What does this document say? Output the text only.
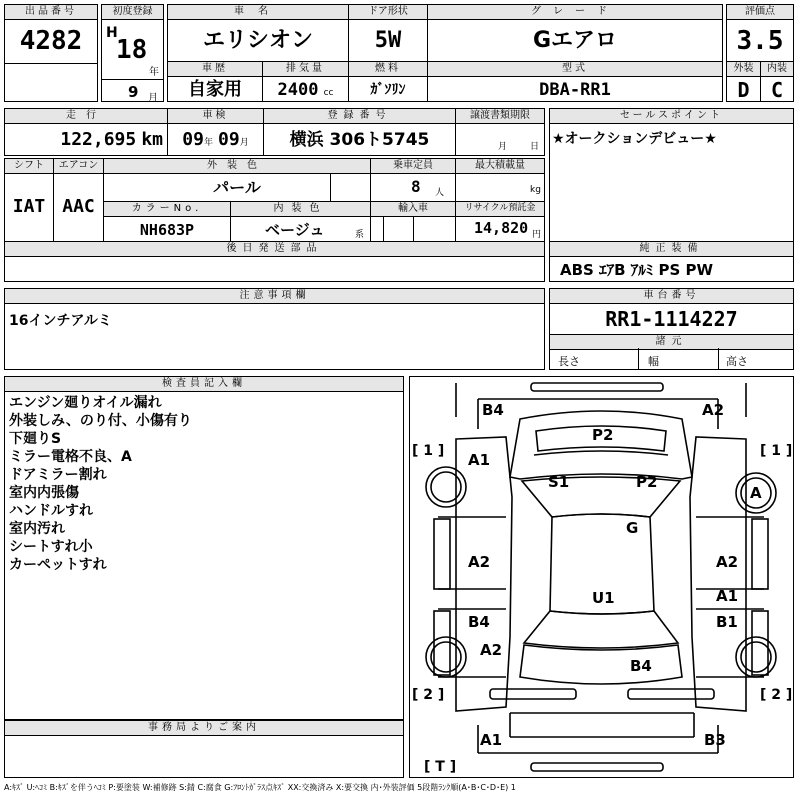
出品番号
4282
初度登録
H
18
年
9 月
車名
エリシオン
ドア形状
5W
グレード
Gエアロ
評価点
3.5
車歴
自家用
排気量
2400 cc
燃料
ｶﾞｿﾘﾝ
型式
DBA-RR1
外装
D
内装
C
走行
122,695 km
車検
09年 09月
登録番号
横浜 306ト5745
譲渡書類期限
月	日
セールスポイント
★オークションデビュー★
シフト
IAT
エアコン
AAC
外装色
パール
乗車定員
8 人
最大積載量
kg
カラーNo.
NH683P
内装色
ベージュ	系
輸入車	リサイクル預託金
14,820 円
後日発送部品	純正装備
ABS ｴｱB ｱﾙﾐ PS PW
注意事項欄
16インチアルミ
車台番号
RR1-1114227
諸元
長さ	幅	高さ
検査員記入欄
エンジン廻りオイル漏れ
外装しみ、のり付、小傷有り
下廻りS
ミラー電格不良、A
ドアミラー割れ
室内内張傷
ハンドルすれ
室内汚れ
シートすれ小
カーペットすれ
事務局よりご案内
B4	A2
P2
A1
S1	P2
A
G
A2	A2
A1
U1
B4	B1
A2
B4
A1	B3
[ 1 ]	[ 1 ]
[ 2 ]	[ 2 ]
[ T ]
A:ｷｽﾞ U:ﾍｺﾐ B:ｷｽﾞを伴うﾍｺﾐ P:要塗装 W:補修跡 S:錆 C:腐食 G:ﾌﾛﾝﾄｶﾞﾗｽ点ｷｽﾞ XX:交換済み X:要交換 内･外装評価 5段階ﾗﾝｸ順(A･B･C･D･E) 1
